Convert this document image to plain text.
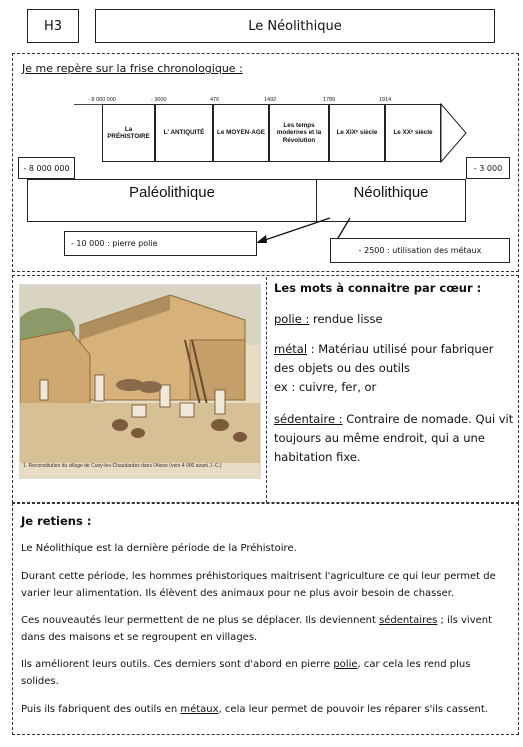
H3	Le Néolithique
Je me repère sur la frise chronologique :
- 8 000 000	- 3000	476	1492	1789	1914
La PRÉHISTOIRE
L' ANTIQUITÉ	Le MOYEN-AGE
Les temps modernes et la Révolution
Le XIXᵉ siècle	Le XXᵉ siècle
- 8 000 000	- 3 000
Paléolithique	Néolithique
- 10 000 : pierre polie
- 2500 : utilisation des métaux
1. Reconstitution du village de Cuiry-les-Chaudardes dans l'Aisne (vers 4 000 avant J.-C.)
Les mots à connaitre par cœur :
polie : rendue lisse
métal : Matériau utilisé pour fabriquer des objets ou des outils
ex : cuivre, fer, or
sédentaire : Contraire de nomade. Qui vit toujours au même endroit, qui a une habitation fixe.
Je retiens :
Le Néolithique est la dernière période de la Préhistoire.
Durant cette période, les hommes préhistoriques maitrisent l'agriculture ce qui leur permet de varier leur alimentation. Ils élèvent des animaux pour ne plus avoir besoin de chasser.
Ces nouveautés leur permettent de ne plus se déplacer. Ils deviennent sédentaires ; ils vivent dans des maisons et se regroupent en villages.
Ils améliorent leurs outils. Ces derniers sont d'abord en pierre polie, car cela les rend plus solides.
Puis ils fabriquent des outils en métaux, cela leur permet de pouvoir les réparer s'ils cassent.
